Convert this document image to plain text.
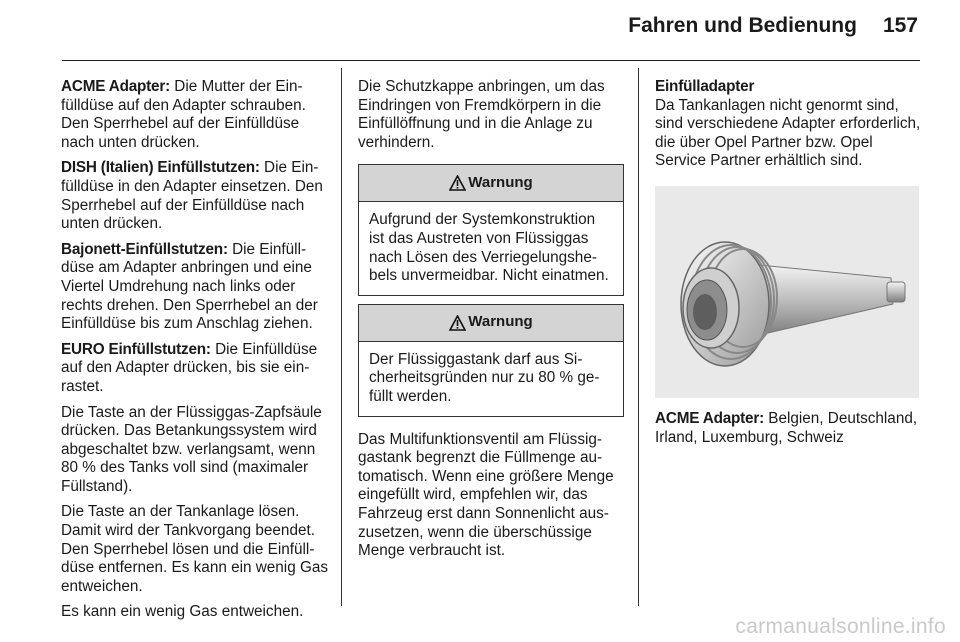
Fahren und Bedienung 157

ACME Adapter: Die Mutter der Einfülldüse auf den Adapter schrauben. Den Sperrhebel auf der Einfülldüse nach unten drücken.

DISH (Italien) Einfüllstutzen: Die Einfülldüse in den Adapter einsetzen. Den Sperrhebel auf der Einfülldüse nach unten drücken.

Bajonett-Einfüllstutzen: Die Einfülldüse am Adapter anbringen und eine Viertel Umdrehung nach links oder rechts drehen. Den Sperrhebel an der Einfülldüse bis zum Anschlag ziehen.

EURO Einfüllstutzen: Die Einfülldüse auf den Adapter drücken, bis sie einrastet.

Die Taste an der Flüssiggas-Zapfsäule drücken. Das Betankungssystem wird abgeschaltet bzw. verlangsamt, wenn 80 % des Tanks voll sind (maximaler Füllstand).

Die Taste an der Tankanlage lösen. Damit wird der Tankvorgang beendet. Den Sperrhebel lösen und die Einfülldüse entfernen. Es kann ein wenig Gas entweichen.

Es kann ein wenig Gas entweichen.

Die Schutzkappe anbringen, um das Eindringen von Fremdkörpern in die Einfüllöffnung und in die Anlage zu verhindern.

Warnung
Aufgrund der Systemkonstruktion ist das Austreten von Flüssiggas nach Lösen des Verriegelungshebels unvermeidbar. Nicht einatmen.
Warnung
Der Flüssiggastank darf aus Sicherheitsgründen nur zu 80 % gefüllt werden.

Das Multifunktionsventil am Flüssiggastank begrenzt die Füllmenge automatisch. Wenn eine größere Menge eingefüllt wird, empfehlen wir, das Fahrzeug erst dann Sonnenlicht auszusetzen, wenn die überschüssige Menge verbraucht ist.

Einfülladapter

Da Tankanlagen nicht genormt sind, sind verschiedene Adapter erforderlich, die über Opel Partner bzw. Opel Service Partner erhältlich sind.

ACME Adapter: Belgien, Deutschland, Irland, Luxemburg, Schweiz

carmanualsonline.info
